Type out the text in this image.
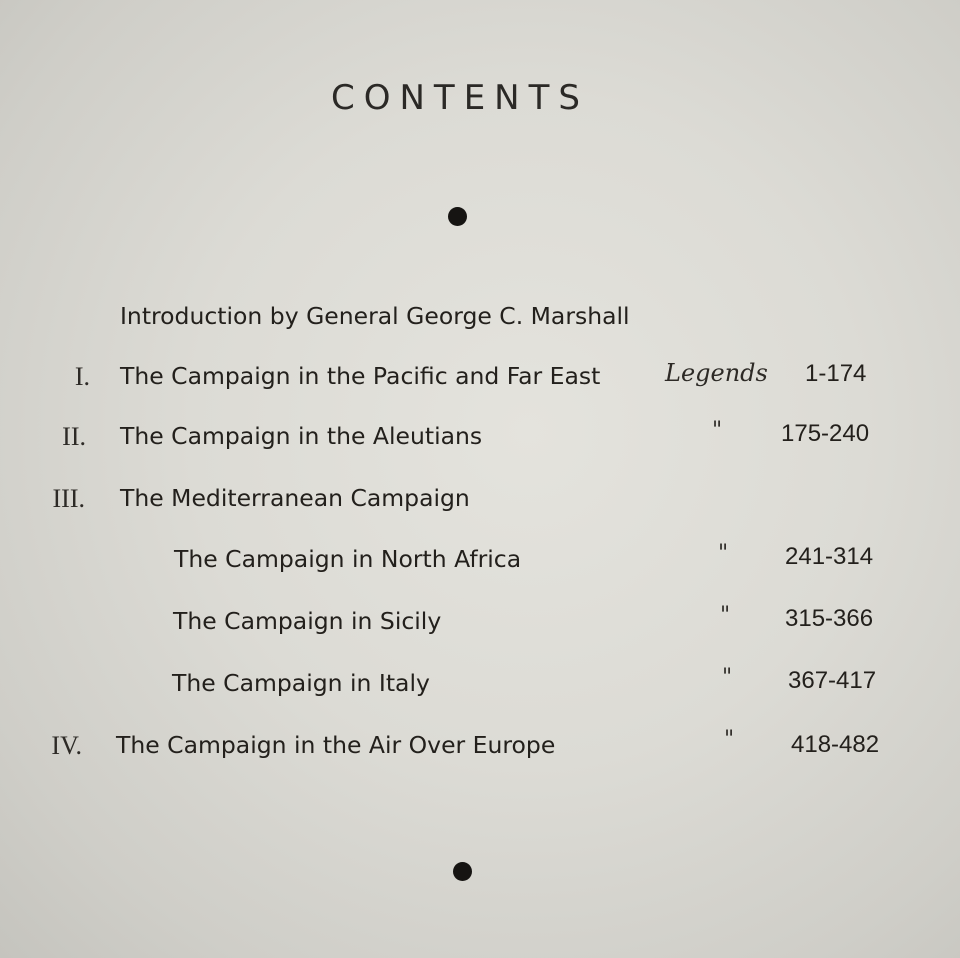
CONTENTS
Introduction by General George C. Marshall
I. The Campaign in the Pacific and Far East	Legends 1-174
II. The Campaign in the Aleutians	" 175-240
III. The Mediterranean Campaign
The Campaign in North Africa	" 241-314
The Campaign in Sicily	" 315-366
The Campaign in Italy	" 367-417
IV. The Campaign in the Air Over Europe	" 418-482
